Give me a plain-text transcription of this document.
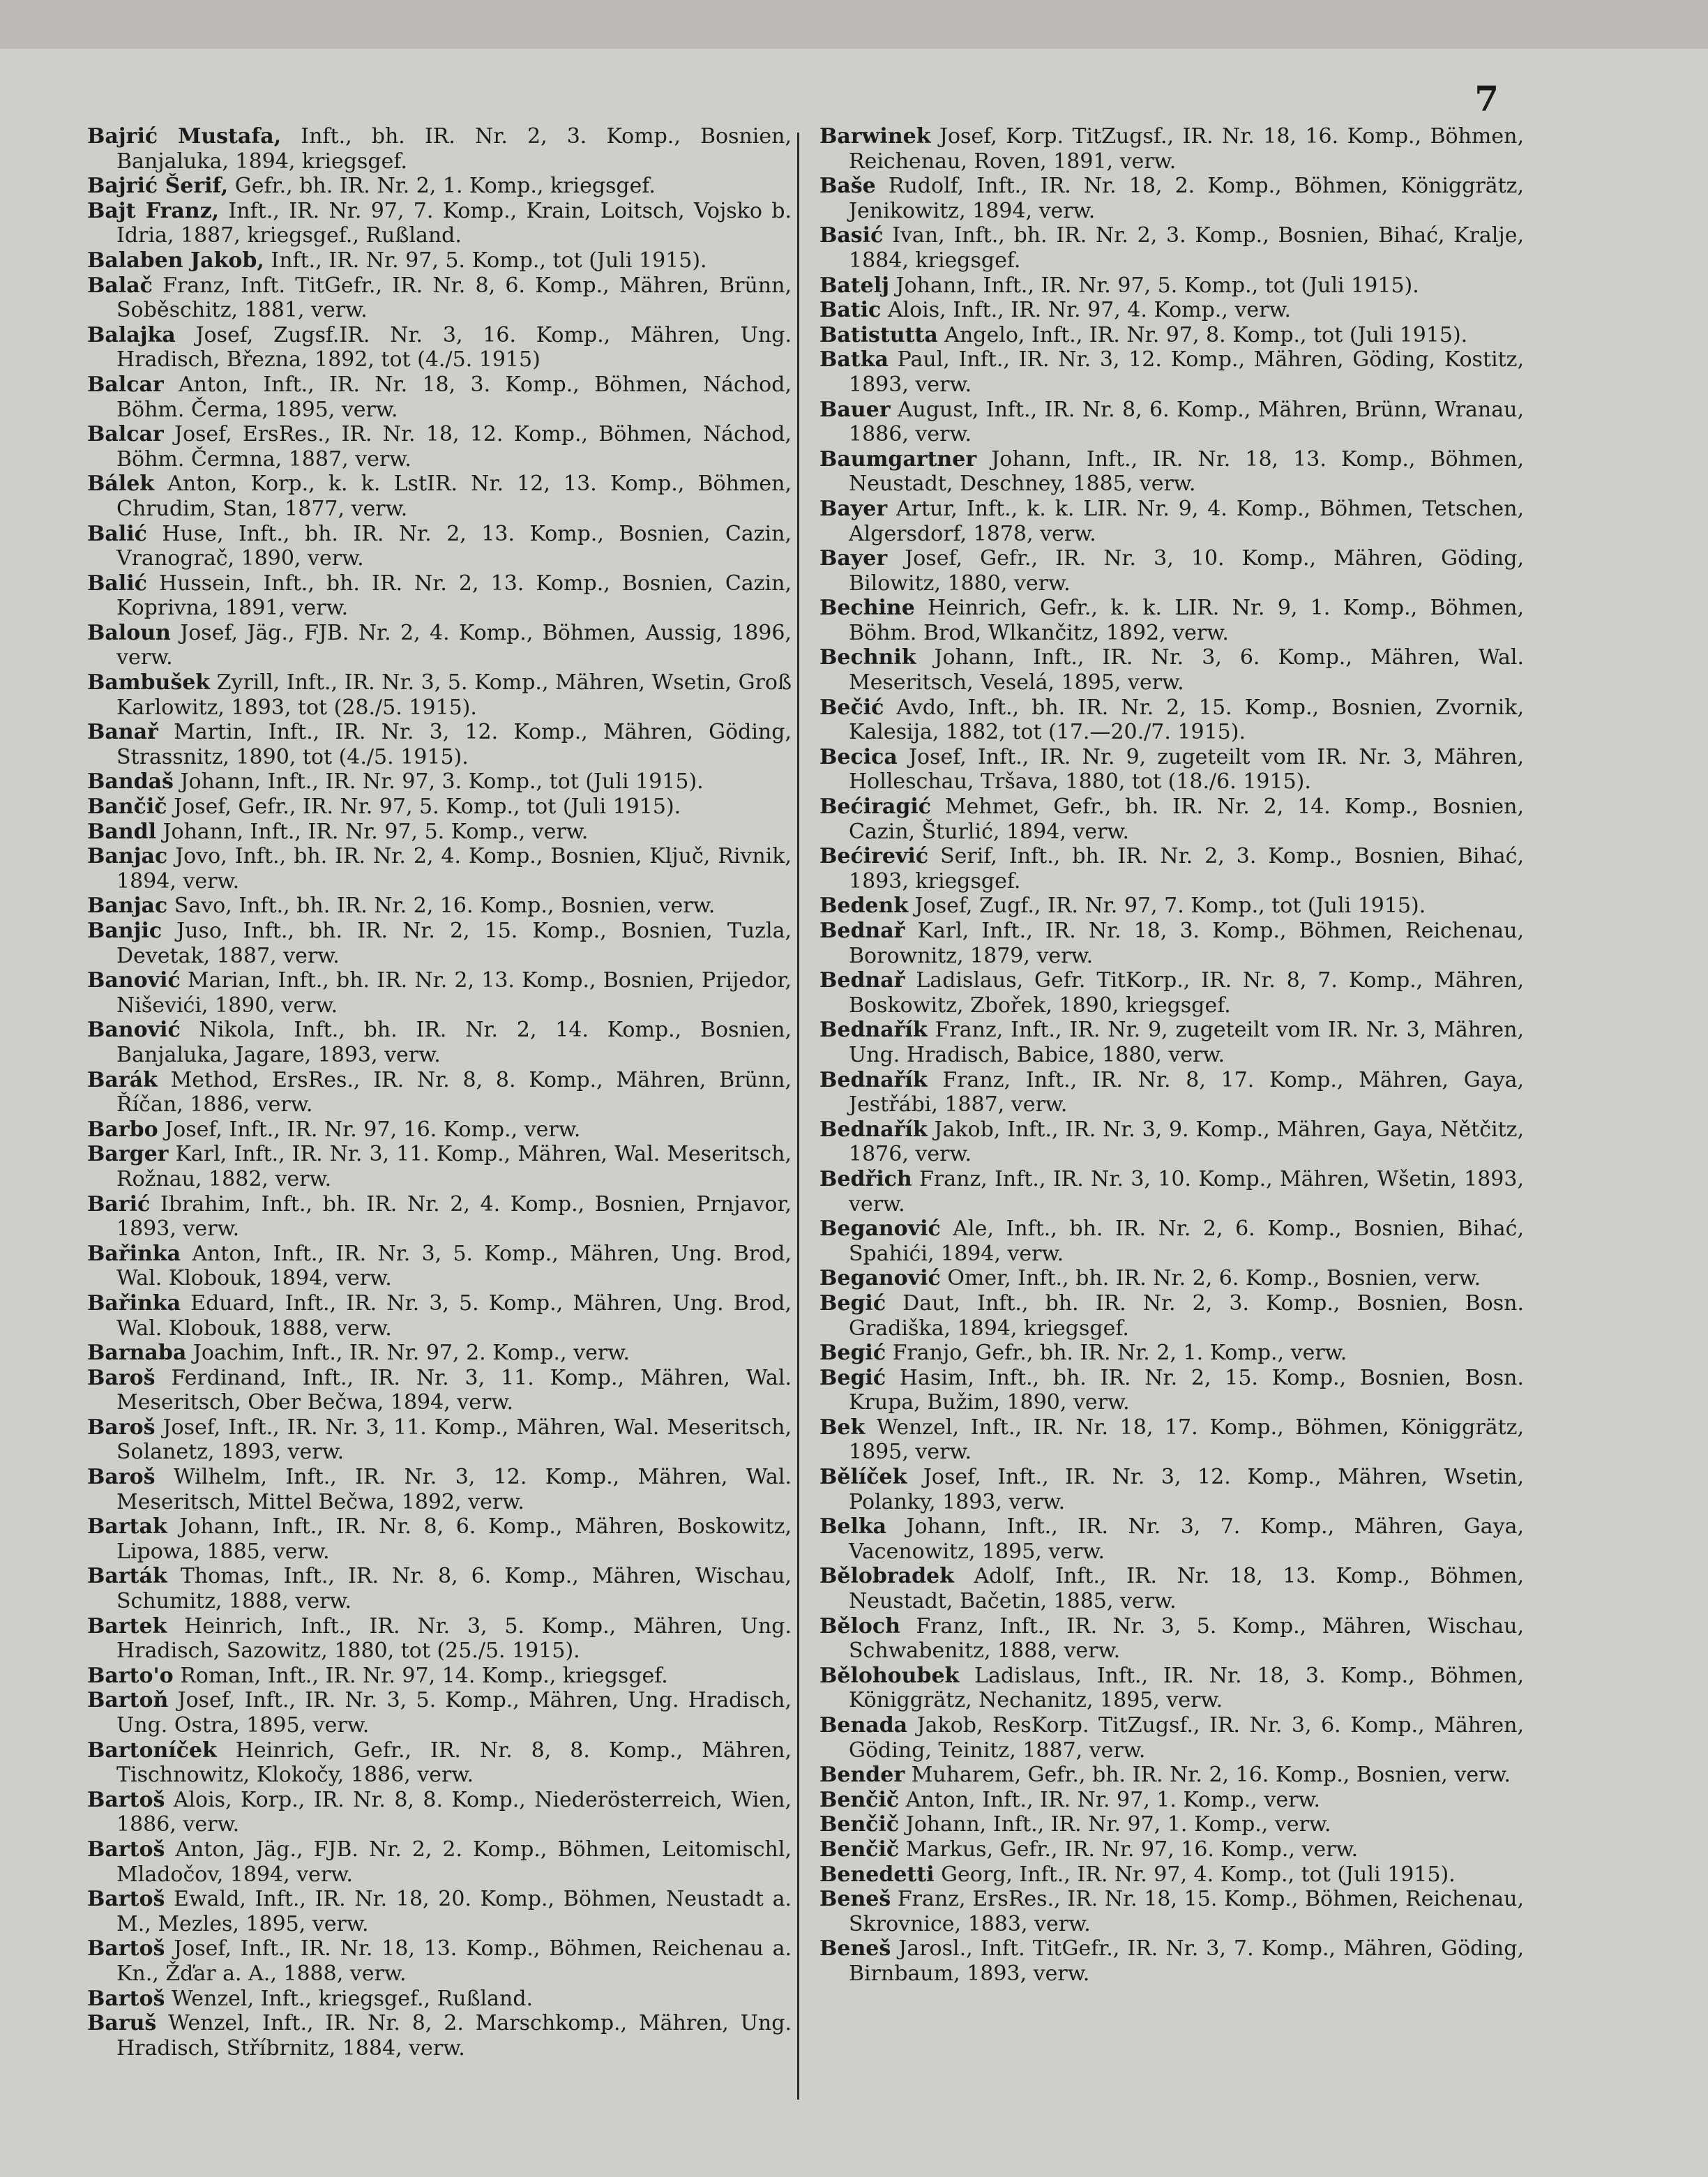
7

Bajrić Mustafa, Inft., bh. IR. Nr. 2, 3. Komp., Bosnien, Banjaluka, 1894, kriegsgef.

Bajrić Šerif, Gefr., bh. IR. Nr. 2, 1. Komp., kriegsgef.

Bajt Franz, Inft., IR. Nr. 97, 7. Komp., Krain, Loitsch, Vojsko b. Idria, 1887, kriegsgef., Rußland.

Balaben Jakob, Inft., IR. Nr. 97, 5. Komp., tot (Juli 1915).

Balač Franz, Inft. TitGefr., IR. Nr. 8, 6. Komp., Mähren, Brünn, Soběschitz, 1881, verw.

Balajka Josef, Zugsf.IR. Nr. 3, 16. Komp., Mähren, Ung. Hradisch, Března, 1892, tot (4./5. 1915)

Balcar Anton, Inft., IR. Nr. 18, 3. Komp., Böhmen, Náchod, Böhm. Čerma, 1895, verw.

Balcar Josef, ErsRes., IR. Nr. 18, 12. Komp., Böhmen, Náchod, Böhm. Čermna, 1887, verw.

Bálek Anton, Korp., k. k. LstIR. Nr. 12, 13. Komp., Böhmen, Chrudim, Stan, 1877, verw.

Balić Huse, Inft., bh. IR. Nr. 2, 13. Komp., Bosnien, Cazin, Vranograč, 1890, verw.

Balić Hussein, Inft., bh. IR. Nr. 2, 13. Komp., Bosnien, Cazin, Koprivna, 1891, verw.

Baloun Josef, Jäg., FJB. Nr. 2, 4. Komp., Böhmen, Aussig, 1896, verw.

Bambušek Zyrill, Inft., IR. Nr. 3, 5. Komp., Mähren, Wsetin, Groß Karlowitz, 1893, tot (28./5. 1915).

Banař Martin, Inft., IR. Nr. 3, 12. Komp., Mähren, Göding, Strassnitz, 1890, tot (4./5. 1915).

Bandaš Johann, Inft., IR. Nr. 97, 3. Komp., tot (Juli 1915).

Bančič Josef, Gefr., IR. Nr. 97, 5. Komp., tot (Juli 1915).

Bandl Johann, Inft., IR. Nr. 97, 5. Komp., verw.

Banjac Jovo, Inft., bh. IR. Nr. 2, 4. Komp., Bosnien, Ključ, Rivnik, 1894, verw.

Banjac Savo, Inft., bh. IR. Nr. 2, 16. Komp., Bosnien, verw.

Banjic Juso, Inft., bh. IR. Nr. 2, 15. Komp., Bosnien, Tuzla, Devetak, 1887, verw.

Banović Marian, Inft., bh. IR. Nr. 2, 13. Komp., Bosnien, Prijedor, Niševići, 1890, verw.

Banović Nikola, Inft., bh. IR. Nr. 2, 14. Komp., Bosnien, Banjaluka, Jagare, 1893, verw.

Barák Method, ErsRes., IR. Nr. 8, 8. Komp., Mähren, Brünn, Říčan, 1886, verw.

Barbo Josef, Inft., IR. Nr. 97, 16. Komp., verw.

Barger Karl, Inft., IR. Nr. 3, 11. Komp., Mähren, Wal. Meseritsch, Rožnau, 1882, verw.

Barić Ibrahim, Inft., bh. IR. Nr. 2, 4. Komp., Bosnien, Prnjavor, 1893, verw.

Bařinka Anton, Inft., IR. Nr. 3, 5. Komp., Mähren, Ung. Brod, Wal. Klobouk, 1894, verw.

Bařinka Eduard, Inft., IR. Nr. 3, 5. Komp., Mähren, Ung. Brod, Wal. Klobouk, 1888, verw.

Barnaba Joachim, Inft., IR. Nr. 97, 2. Komp., verw.

Baroš Ferdinand, Inft., IR. Nr. 3, 11. Komp., Mähren, Wal. Meseritsch, Ober Bečwa, 1894, verw.

Baroš Josef, Inft., IR. Nr. 3, 11. Komp., Mähren, Wal. Meseritsch, Solanetz, 1893, verw.

Baroš Wilhelm, Inft., IR. Nr. 3, 12. Komp., Mähren, Wal. Meseritsch, Mittel Bečwa, 1892, verw.

Bartak Johann, Inft., IR. Nr. 8, 6. Komp., Mähren, Boskowitz, Lipowa, 1885, verw.

Barták Thomas, Inft., IR. Nr. 8, 6. Komp., Mähren, Wischau, Schumitz, 1888, verw.

Bartek Heinrich, Inft., IR. Nr. 3, 5. Komp., Mähren, Ung. Hradisch, Sazowitz, 1880, tot (25./5. 1915).

Barto'o Roman, Inft., IR. Nr. 97, 14. Komp., kriegsgef.

Bartoň Josef, Inft., IR. Nr. 3, 5. Komp., Mähren, Ung. Hradisch, Ung. Ostra, 1895, verw.

Bartoníček Heinrich, Gefr., IR. Nr. 8, 8. Komp., Mähren, Tischnowitz, Klokočy, 1886, verw.

Bartoš Alois, Korp., IR. Nr. 8, 8. Komp., Niederösterreich, Wien, 1886, verw.

Bartoš Anton, Jäg., FJB. Nr. 2, 2. Komp., Böhmen, Leitomischl, Mladočov, 1894, verw.

Bartoš Ewald, Inft., IR. Nr. 18, 20. Komp., Böhmen, Neustadt a. M., Mezles, 1895, verw.

Bartoš Josef, Inft., IR. Nr. 18, 13. Komp., Böhmen, Reichenau a. Kn., Žďar a. A., 1888, verw.

Bartoš Wenzel, Inft., kriegsgef., Rußland.

Baruš Wenzel, Inft., IR. Nr. 8, 2. Marschkomp., Mähren, Ung. Hradisch, Stříbrnitz, 1884, verw.

Barwinek Josef, Korp. TitZugsf., IR. Nr. 18, 16. Komp., Böhmen, Reichenau, Roven, 1891, verw.

Baše Rudolf, Inft., IR. Nr. 18, 2. Komp., Böhmen, Königgrätz, Jenikowitz, 1894, verw.

Basić Ivan, Inft., bh. IR. Nr. 2, 3. Komp., Bosnien, Bihać, Kralje, 1884, kriegsgef.

Batelj Johann, Inft., IR. Nr. 97, 5. Komp., tot (Juli 1915).

Batic Alois, Inft., IR. Nr. 97, 4. Komp., verw.

Batistutta Angelo, Inft., IR. Nr. 97, 8. Komp., tot (Juli 1915).

Batka Paul, Inft., IR. Nr. 3, 12. Komp., Mähren, Göding, Kostitz, 1893, verw.

Bauer August, Inft., IR. Nr. 8, 6. Komp., Mähren, Brünn, Wranau, 1886, verw.

Baumgartner Johann, Inft., IR. Nr. 18, 13. Komp., Böhmen, Neustadt, Deschney, 1885, verw.

Bayer Artur, Inft., k. k. LIR. Nr. 9, 4. Komp., Böhmen, Tetschen, Algersdorf, 1878, verw.

Bayer Josef, Gefr., IR. Nr. 3, 10. Komp., Mähren, Göding, Bilowitz, 1880, verw.

Bechine Heinrich, Gefr., k. k. LIR. Nr. 9, 1. Komp., Böhmen, Böhm. Brod, Wlkančitz, 1892, verw.

Bechnik Johann, Inft., IR. Nr. 3, 6. Komp., Mähren, Wal. Meseritsch, Veselá, 1895, verw.

Bečić Avdo, Inft., bh. IR. Nr. 2, 15. Komp., Bosnien, Zvornik, Kalesija, 1882, tot (17.—20./7. 1915).

Becica Josef, Inft., IR. Nr. 9, zugeteilt vom IR. Nr. 3, Mähren, Holleschau, Tršava, 1880, tot (18./6. 1915).

Bećiragić Mehmet, Gefr., bh. IR. Nr. 2, 14. Komp., Bosnien, Cazin, Šturlić, 1894, verw.

Bećirević Serif, Inft., bh. IR. Nr. 2, 3. Komp., Bosnien, Bihać, 1893, kriegsgef.

Bedenk Josef, Zugf., IR. Nr. 97, 7. Komp., tot (Juli 1915).

Bednař Karl, Inft., IR. Nr. 18, 3. Komp., Böhmen, Reichenau, Borownitz, 1879, verw.

Bednař Ladislaus, Gefr. TitKorp., IR. Nr. 8, 7. Komp., Mähren, Boskowitz, Zbořek, 1890, kriegsgef.

Bednařík Franz, Inft., IR. Nr. 9, zugeteilt vom IR. Nr. 3, Mähren, Ung. Hradisch, Babice, 1880, verw.

Bednařík Franz, Inft., IR. Nr. 8, 17. Komp., Mähren, Gaya, Jestřábi, 1887, verw.

Bednařík Jakob, Inft., IR. Nr. 3, 9. Komp., Mähren, Gaya, Nětčitz, 1876, verw.

Bedřich Franz, Inft., IR. Nr. 3, 10. Komp., Mähren, Wšetin, 1893, verw.

Beganović Ale, Inft., bh. IR. Nr. 2, 6. Komp., Bosnien, Bihać, Spahići, 1894, verw.

Beganović Omer, Inft., bh. IR. Nr. 2, 6. Komp., Bosnien, verw.

Begić Daut, Inft., bh. IR. Nr. 2, 3. Komp., Bosnien, Bosn. Gradiška, 1894, kriegsgef.

Begić Franjo, Gefr., bh. IR. Nr. 2, 1. Komp., verw.

Begić Hasim, Inft., bh. IR. Nr. 2, 15. Komp., Bosnien, Bosn. Krupa, Bužim, 1890, verw.

Bek Wenzel, Inft., IR. Nr. 18, 17. Komp., Böhmen, Königgrätz, 1895, verw.

Bělíček Josef, Inft., IR. Nr. 3, 12. Komp., Mähren, Wsetin, Polanky, 1893, verw.

Belka Johann, Inft., IR. Nr. 3, 7. Komp., Mähren, Gaya, Vacenowitz, 1895, verw.

Bělobradek Adolf, Inft., IR. Nr. 18, 13. Komp., Böhmen, Neustadt, Bačetin, 1885, verw.

Běloch Franz, Inft., IR. Nr. 3, 5. Komp., Mähren, Wischau, Schwabenitz, 1888, verw.

Bělohoubek Ladislaus, Inft., IR. Nr. 18, 3. Komp., Böhmen, Königgrätz, Nechanitz, 1895, verw.

Benada Jakob, ResKorp. TitZugsf., IR. Nr. 3, 6. Komp., Mähren, Göding, Teinitz, 1887, verw.

Bender Muharem, Gefr., bh. IR. Nr. 2, 16. Komp., Bosnien, verw.

Benčič Anton, Inft., IR. Nr. 97, 1. Komp., verw.

Benčič Johann, Inft., IR. Nr. 97, 1. Komp., verw.

Benčič Markus, Gefr., IR. Nr. 97, 16. Komp., verw.

Benedetti Georg, Inft., IR. Nr. 97, 4. Komp., tot (Juli 1915).

Beneš Franz, ErsRes., IR. Nr. 18, 15. Komp., Böhmen, Reichenau, Skrovnice, 1883, verw.

Beneš Jarosl., Inft. TitGefr., IR. Nr. 3, 7. Komp., Mähren, Göding, Birnbaum, 1893, verw.
